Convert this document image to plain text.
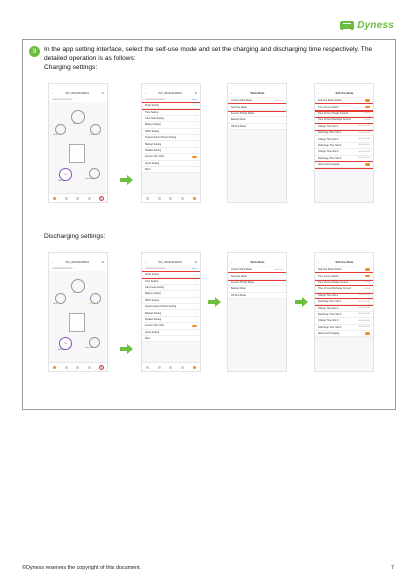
Dyness
9	In the app setting interface, select the self-use mode and set the charging and discharging time respectively. The detailed operation is as follows:
Charging settings:
Discharging settings:
‹	INV_06X2221906X1	⚙
1500W000221906X1
75%
Grid	Load
PV
Battery
Generator
‹	INV_06X2221906X1	⚙
1500W000221906X1	Save
Mode Setting	›
Time Setting	›
Grid Code Setting	›
Battery Setting	›
MISC Setting	›
System Export Power Setting	›
Backup Setting	›
Parallel Setting	›
Inverter ON / OFF
Quick Setting	›
More	›
‹	Work Mode
Current Work Mode	Self Use
Self-Use Mode	›
Feed-in Priority Mode	›
Backup Mode	›
Off Grid Mode	›
‹	Self-Use Mode
Self-Use Mode Switch
Time of Use Switch
Time of Use Charge Current	50.0 A
Time of Use Discharge Current	50.0 A
Charge Time Slot 1	00:00-06:00
Discharge Time Slot 1	00:00-00:00
Charge Time Slot 2	00:00-00:00
Discharge Time Slot 2	00:00-00:00
Charge Time Slot 3	00:00-00:00
Discharge Time Slot 3	00:00-00:00
Allow Grid Charging
‹	INV_06X2221906X1	⚙
1500W000221906X1
75%
Grid	Load
PV
Battery
Generator
‹	INV_06X2221906X1	⚙
1500W000221906X1	Save
Mode Setting	›
Time Setting	›
Grid Code Setting	›
Battery Setting	›
MISC Setting	›
System Export Power Setting	›
Backup Setting	›
Parallel Setting	›
Inverter ON / OFF
Quick Setting	›
More	›
‹	Work Mode
Current Work Mode	Self Use
Self-Use Mode	›
Feed-in Priority Mode	›
Backup Mode	›
Off Grid Mode	›
‹	Self-Use Mode
Self-Use Mode Switch
Time of Use Switch
Time of Use Charge Current	50.0 A
Time of Use Discharge Current	50.0 A
Charge Time Slot 1	00:00-00:00
Discharge Time Slot 1	08:00-22:00
Charge Time Slot 2	00:00-00:00
Discharge Time Slot 2	00:00-00:00
Charge Time Slot 3	00:00-00:00
Discharge Time Slot 3	00:00-00:00
Allow Grid Charging
©Dyness reserves the copyright of this document.	7
